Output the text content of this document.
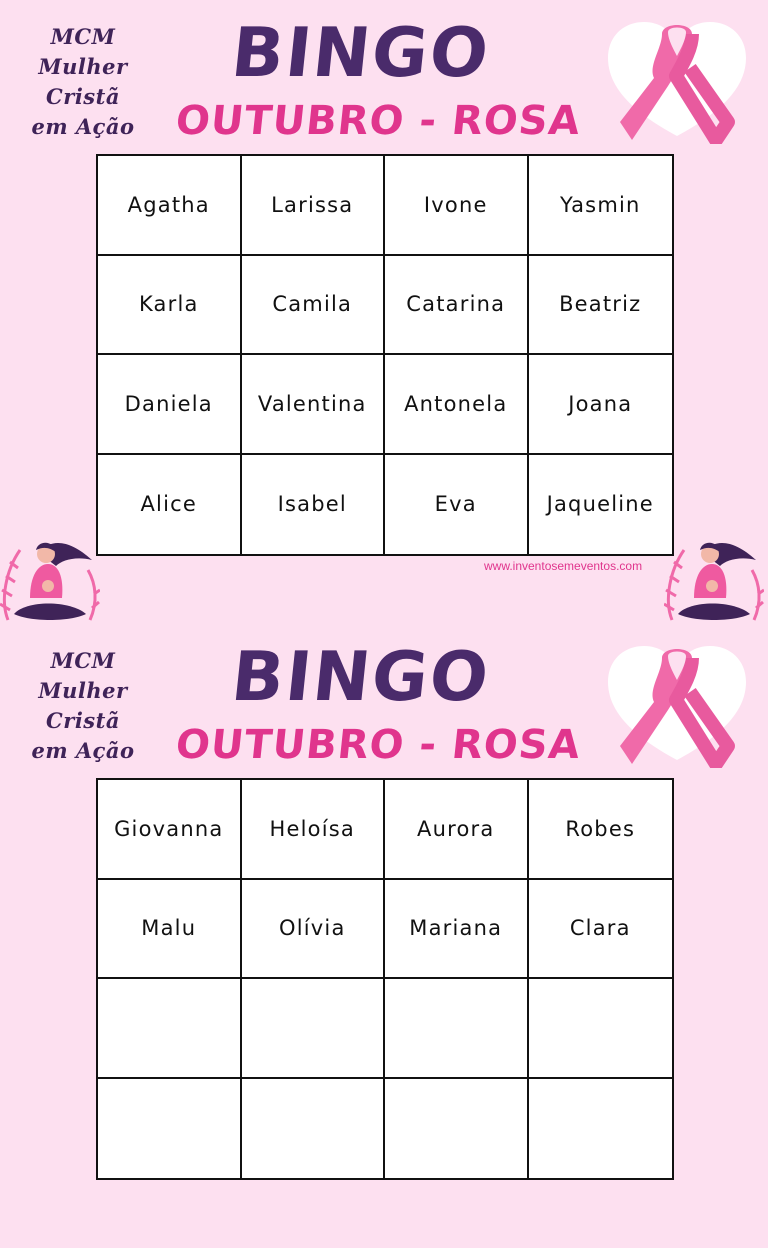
MCM
Mulher
Cristã
em Ação
BINGO
OUTUBRO - ROSA
Agatha	Larissa	Ivone	Yasmin
Karla	Camila	Catarina	Beatriz
Daniela	Valentina	Antonela	Joana
Alice	Isabel	Eva	Jaqueline
www.inventosemeventos.com
MCM
Mulher
Cristã
em Ação
BINGO
OUTUBRO - ROSA
Giovanna	Heloísa	Aurora	Robes
Malu	Olívia	Mariana	Clara
